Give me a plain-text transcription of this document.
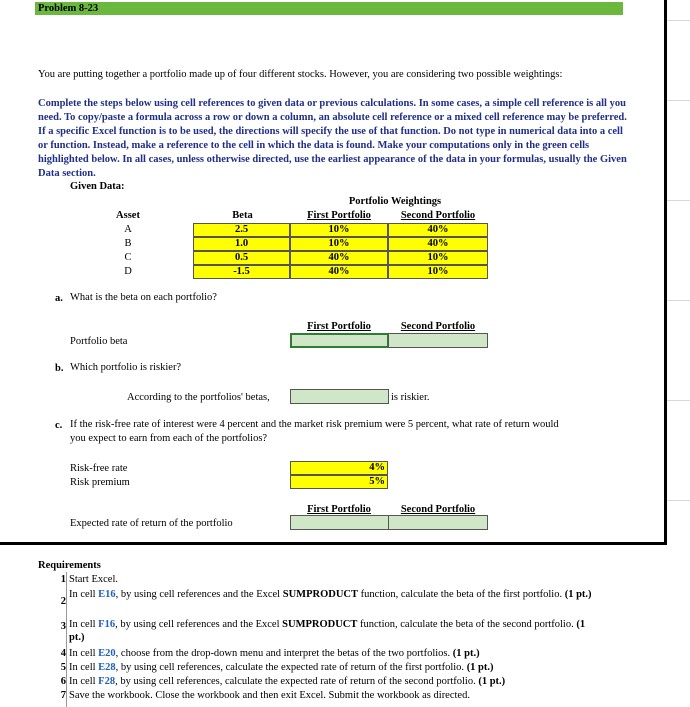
Problem 8-23
You are putting together a portfolio made up of four different stocks. However, you are considering two possible weightings:
Complete the steps below using cell references to given data or previous calculations. In some cases, a simple cell reference is all you need. To copy/paste a formula across a row or down a column, an absolute cell reference or a mixed cell reference may be preferred. If a specific Excel function is to be used, the directions will specify the use of that function. Do not type in numerical data into a cell or function. Instead, make a reference to the cell in which the data is found. Make your computations only in the green cells highlighted below. In all cases, unless otherwise directed, use the earliest appearance of the data in your formulas, usually the Given Data section.
Given Data:
Portfolio Weightings
Asset	Beta	First Portfolio	Second Portfolio
A	2.5	10%	40%
B	1.0	10%	40%
C	0.5	40%	10%
D	-1.5	40%	10%
a. What is the beta on each portfolio?
First Portfolio	Second Portfolio
Portfolio beta
b. Which portfolio is riskier?
According to the portfolios' betas,	is riskier.
c. If the risk-free rate of interest were 4 percent and the market risk premium were 5 percent, what rate of return would
you expect to earn from each of the portfolios?
Risk-free rate	4%
Risk premium	5%
First Portfolio	Second Portfolio
Expected rate of return of the portfolio
Requirements
1 Start Excel.
2
In cell E16, by using cell references and the Excel SUMPRODUCT function, calculate the beta of the first portfolio. (1 pt.)
3 In cell F16, by using cell references and the Excel SUMPRODUCT function, calculate the beta of the second portfolio. (1 pt.)
4 In cell E20, choose from the drop-down menu and interpret the betas of the two portfolios. (1 pt.)
5 In cell E28, by using cell references, calculate the expected rate of return of the first portfolio. (1 pt.)
6 In cell F28, by using cell references, calculate the expected rate of return of the second portfolio. (1 pt.)
7 Save the workbook. Close the workbook and then exit Excel. Submit the workbook as directed.
